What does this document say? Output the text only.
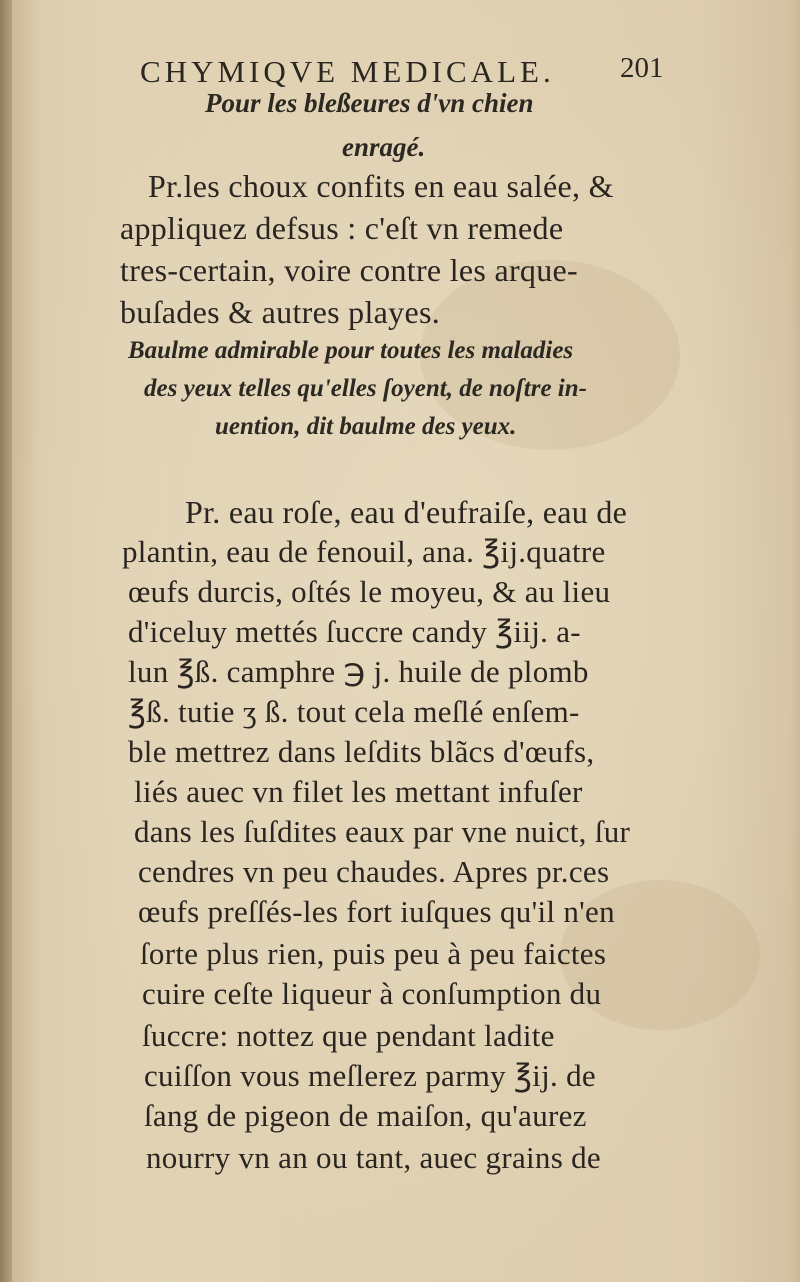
CHYMIQVE MEDICALE. 201
Pour les bleßeures d'vn chien
enragé.
Pr.les choux confits en eau salée, &
appliquez defsus : c'eſt vn remede
tres-certain, voire contre les arque-
buſades & autres playes.
Baulme admirable pour toutes les maladies
des yeux telles qu'elles ſoyent, de noſtre in-
uention, dit baulme des yeux.
Pr. eau roſe, eau d'eufraiſe, eau de
plantin, eau de fenouil, ana. ℥ij.quatre
œufs durcis, oſtés le moyeu, & au lieu
d'iceluy mettés ſuccre candy ℥iij. a-
lun ℥ß. camphre ℈ j. huile de plomb
℥ß. tutie ʒ ß. tout cela meſlé enſem-
ble mettrez dans leſdits blãcs d'œufs,
liés auec vn filet les mettant infuſer
dans les ſuſdites eaux par vne nuict, ſur
cendres vn peu chaudes. Apres pr.ces
œufs preſſés-les fort iuſques qu'il n'en
ſorte plus rien, puis peu à peu faictes
cuire ceſte liqueur à conſumption du
ſuccre: nottez que pendant ladite
cuiſſon vous meſlerez parmy ℥ij. de
ſang de pigeon de maiſon, qu'aurez
nourry vn an ou tant, auec grains de
